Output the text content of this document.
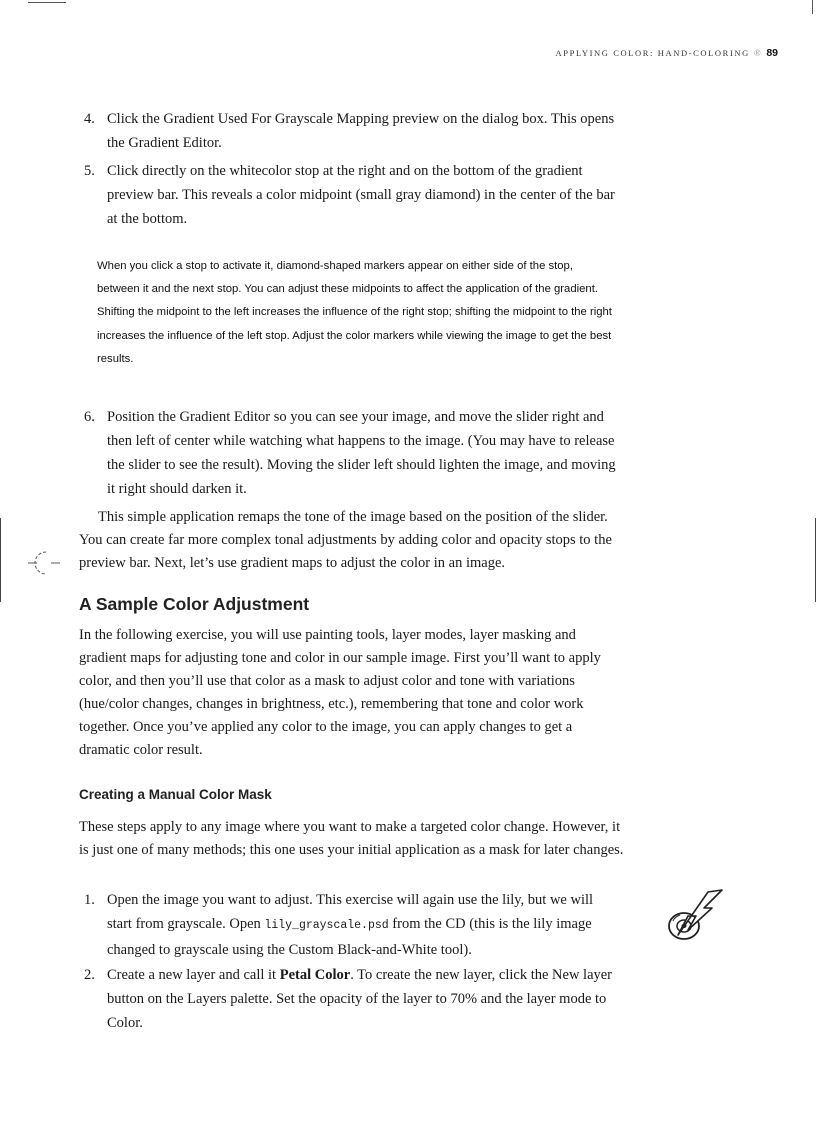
APPLYING COLOR: HAND-COLORING ® 89
4. Click the Gradient Used For Grayscale Mapping preview on the dialog box. This opens the Gradient Editor.
5. Click directly on the whitecolor stop at the right and on the bottom of the gradient preview bar. This reveals a color midpoint (small gray diamond) in the center of the bar at the bottom.
When you click a stop to activate it, diamond-shaped markers appear on either side of the stop, between it and the next stop. You can adjust these midpoints to affect the application of the gradient. Shifting the midpoint to the left increases the influence of the right stop; shifting the midpoint to the right increases the influence of the left stop. Adjust the color markers while viewing the image to get the best results.
6. Position the Gradient Editor so you can see your image, and move the slider right and then left of center while watching what happens to the image. (You may have to release the slider to see the result). Moving the slider left should lighten the image, and moving it right should darken it.
This simple application remaps the tone of the image based on the position of the slider. You can create far more complex tonal adjustments by adding color and opacity stops to the preview bar. Next, let’s use gradient maps to adjust the color in an image.
A Sample Color Adjustment
In the following exercise, you will use painting tools, layer modes, layer masking and gradient maps for adjusting tone and color in our sample image. First you’ll want to apply color, and then you’ll use that color as a mask to adjust color and tone with variations (hue/color changes, changes in brightness, etc.), remembering that tone and color work together. Once you’ve applied any color to the image, you can apply changes to get a dramatic color result.
Creating a Manual Color Mask
These steps apply to any image where you want to make a targeted color change. However, it is just one of many methods; this one uses your initial application as a mask for later changes.
1. Open the image you want to adjust. This exercise will again use the lily, but we will start from grayscale. Open lily_grayscale.psd from the CD (this is the lily image changed to grayscale using the Custom Black-and-White tool).
2. Create a new layer and call it Petal Color. To create the new layer, click the New layer button on the Layers palette. Set the opacity of the layer to 70% and the layer mode to Color.
